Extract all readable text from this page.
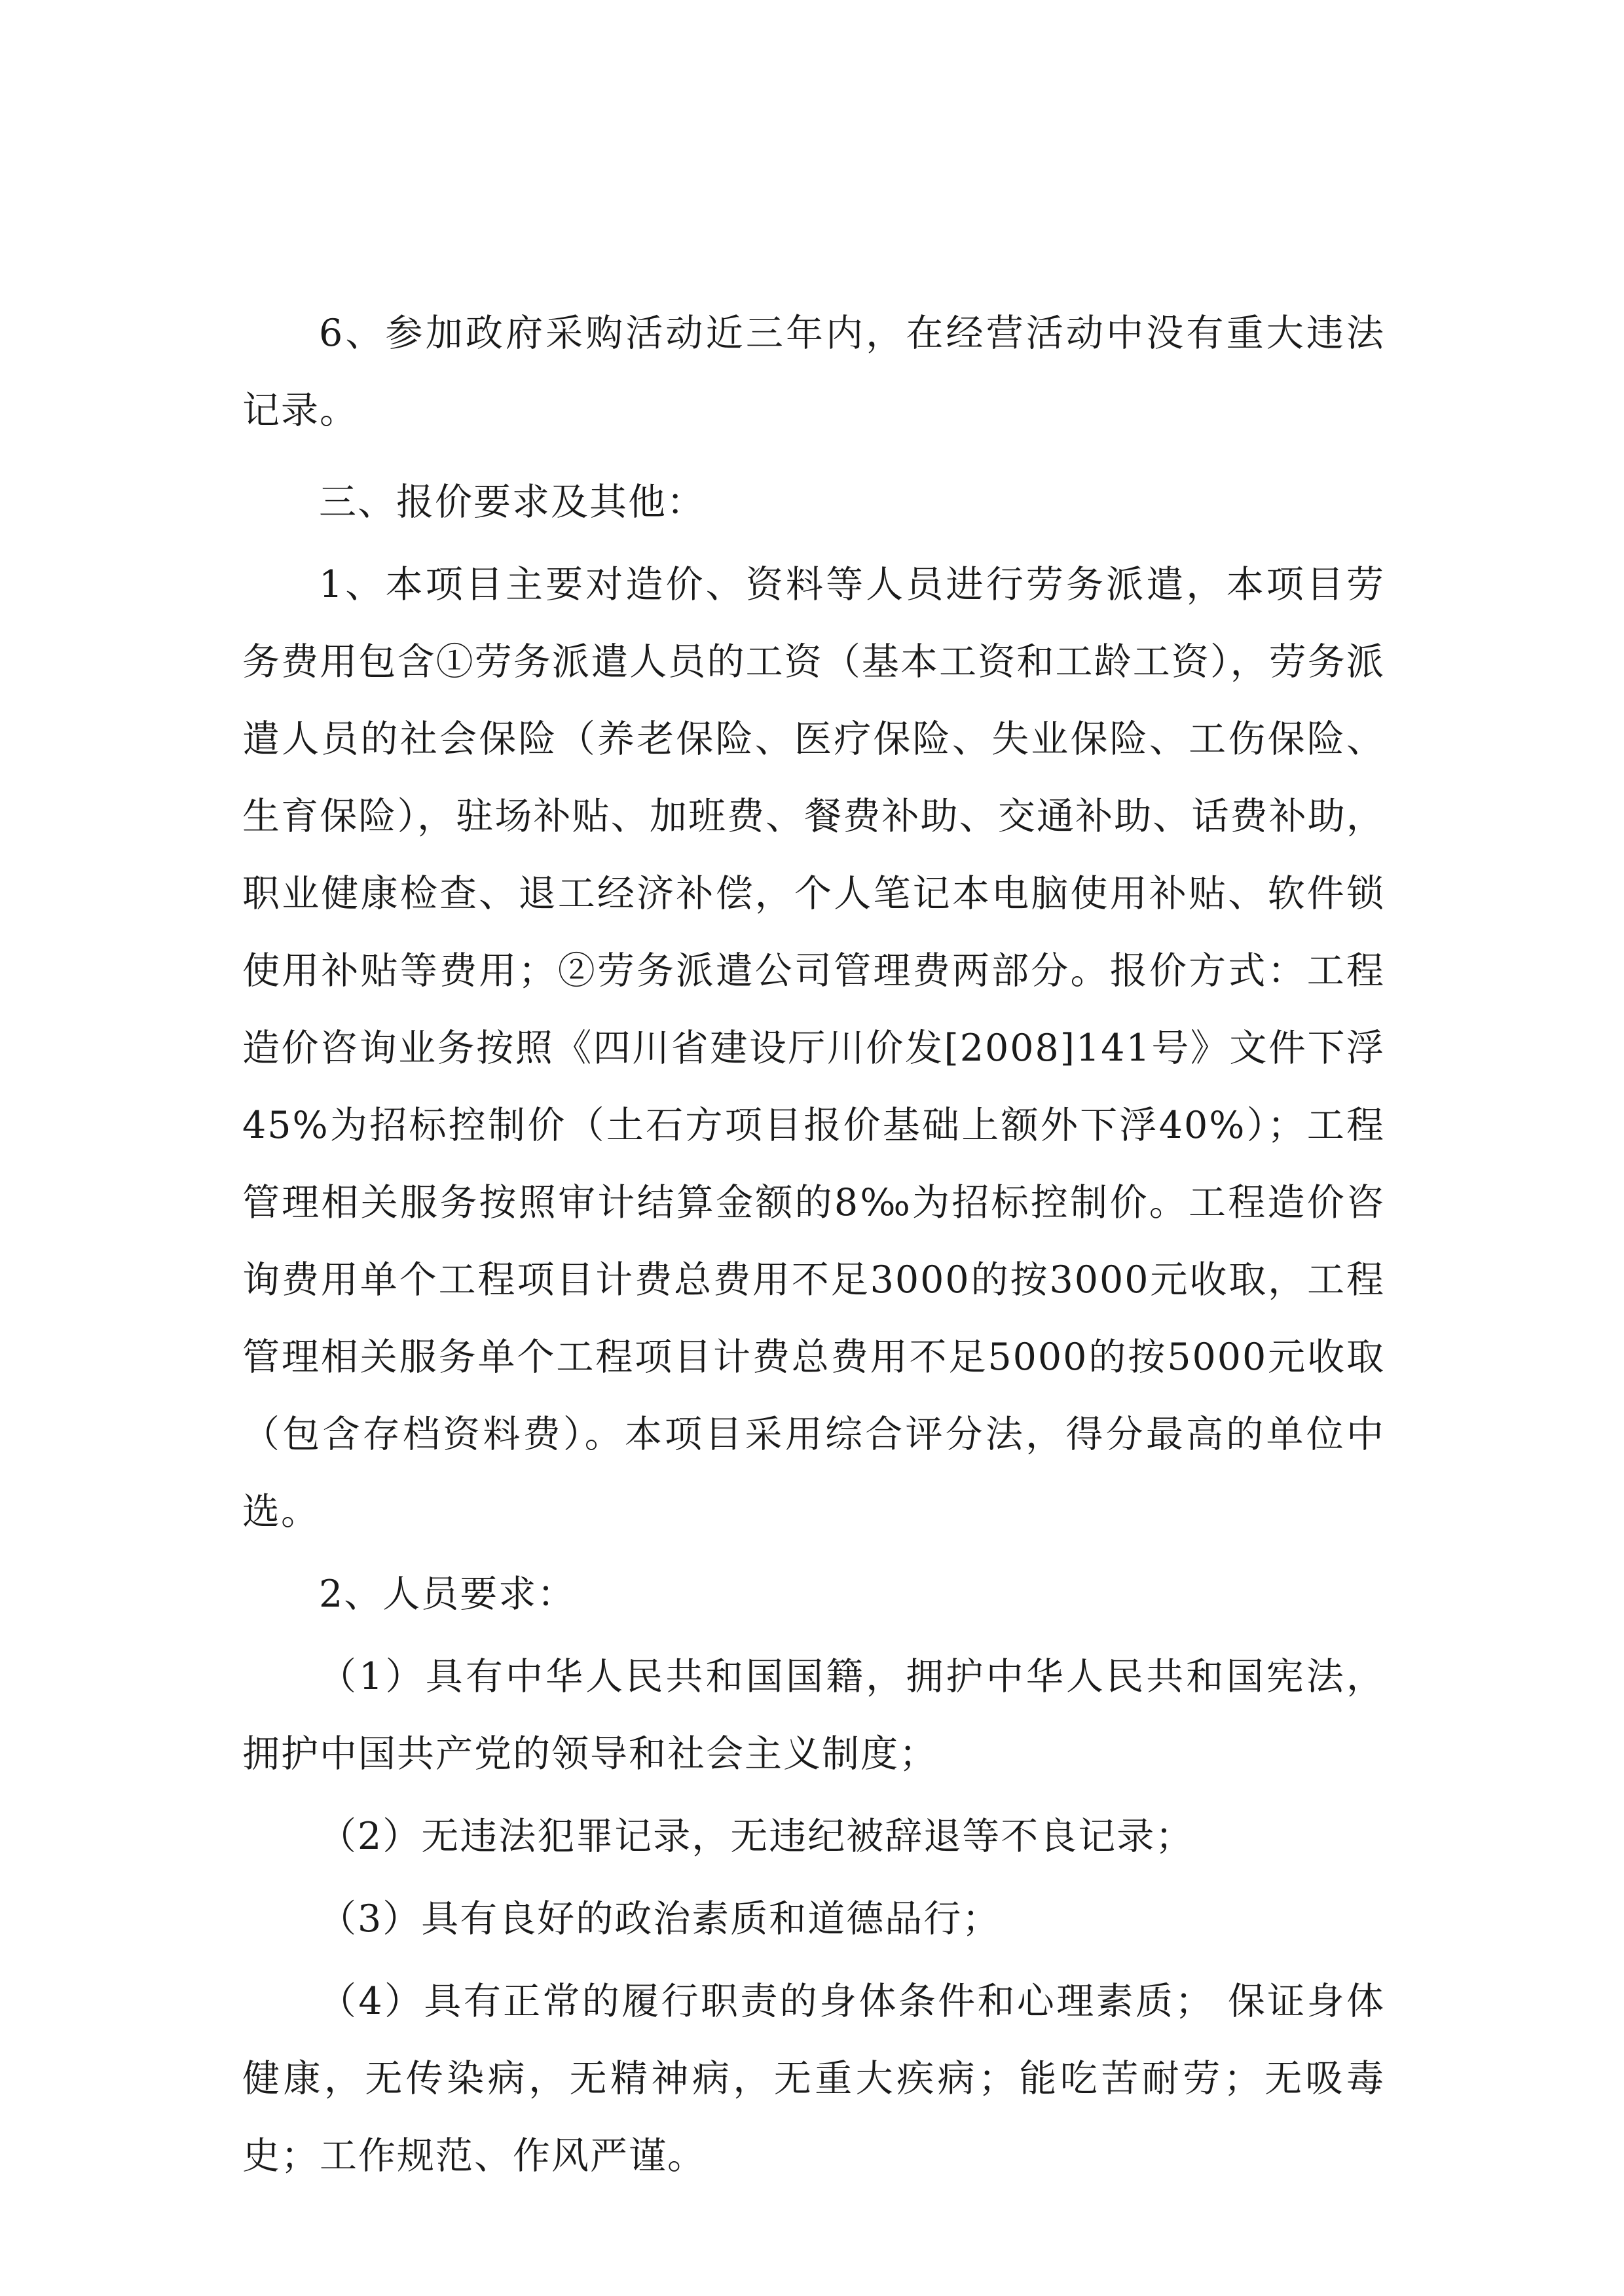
6、参加政府采购活动近三年内，在经营活动中没有重大违法记录。

三、报价要求及其他：

1、本项目主要对造价、资料等人员进行劳务派遣，本项目劳务费用包含①劳务派遣人员的工资（基本工资和工龄工资），劳务派遣人员的社会保险（养老保险、医疗保险、失业保险、工伤保险、生育保险），驻场补贴、加班费、餐费补助、交通补助、话费补助，职业健康检查、退工经济补偿，个人笔记本电脑使用补贴、软件锁使用补贴等费用；②劳务派遣公司管理费两部分。报价方式：工程造价咨询业务按照《四川省建设厅川价发[2008]141号》文件下浮45%为招标控制价（土石方项目报价基础上额外下浮40%）；工程管理相关服务按照审计结算金额的8‰为招标控制价。工程造价咨询费用单个工程项目计费总费用不足3000的按3000元收取，工程管理相关服务单个工程项目计费总费用不足5000的按5000元收取（包含存档资料费）。本项目采用综合评分法，得分最高的单位中选。

2、人员要求：

（1）具有中华人民共和国国籍，拥护中华人民共和国宪法，拥护中国共产党的领导和社会主义制度；

（2）无违法犯罪记录，无违纪被辞退等不良记录；

（3）具有良好的政治素质和道德品行；

（4）具有正常的履行职责的身体条件和心理素质； 保证身体健康，无传染病，无精神病，无重大疾病；能吃苦耐劳；无吸毒史；工作规范、作风严谨。
